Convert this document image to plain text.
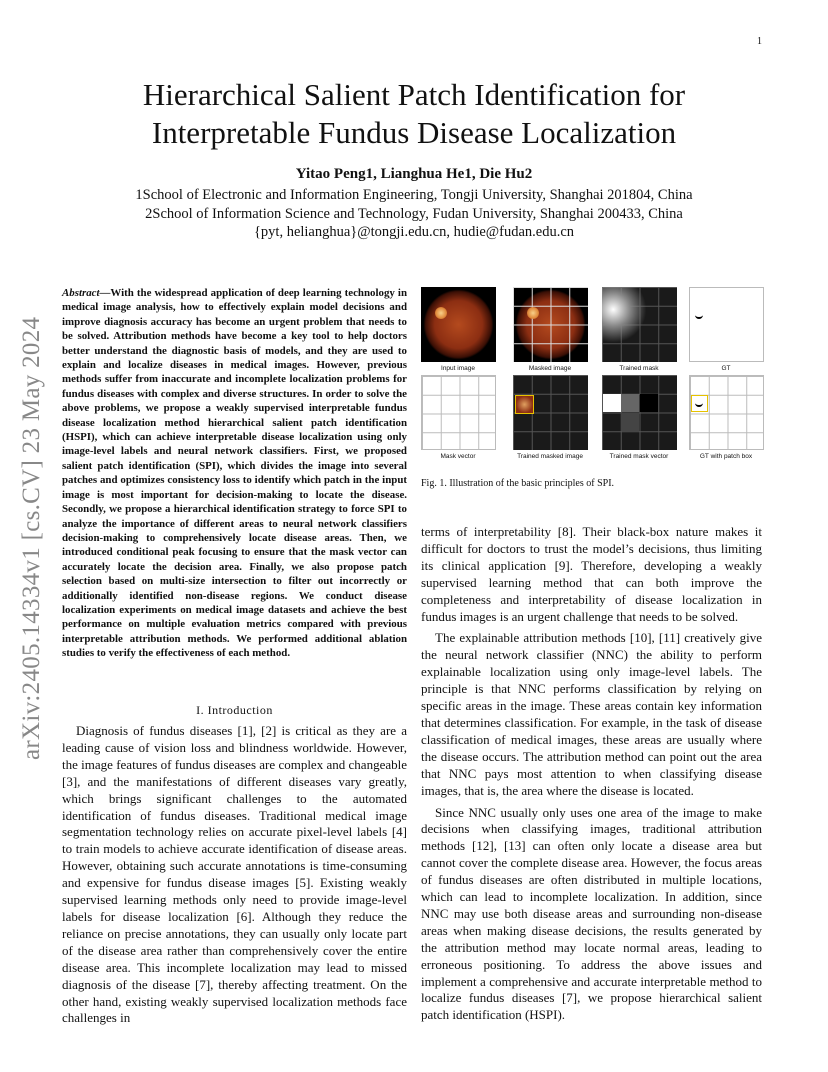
1
Hierarchical Salient Patch Identification for Interpretable Fundus Disease Localization
Yitao Peng1, Lianghua He1, Die Hu2
1School of Electronic and Information Engineering, Tongji University, Shanghai 201804, China
2School of Information Science and Technology, Fudan University, Shanghai 200433, China
{pyt, helianghua}@tongji.edu.cn, hudie@fudan.edu.cn
arXiv:2405.14334v1 [cs.CV] 23 May 2024
Abstract—With the widespread application of deep learning technology in medical image analysis, how to effectively explain model decisions and improve diagnosis accuracy has become an urgent problem that needs to be solved. Attribution methods have become a key tool to help doctors better understand the diagnostic basis of models, and they are used to explain and localize diseases in medical images. However, previous methods suffer from inaccurate and incomplete localization problems for fundus diseases with complex and diverse structures. In order to solve the above problems, we propose a weakly supervised interpretable fundus disease localization method hierarchical salient patch identification (HSPI), which can achieve interpretable disease localization using only image-level labels and neural network classifiers. First, we proposed salient patch identification (SPI), which divides the image into several patches and optimizes consistency loss to identify which patch in the input image is most important for decision-making to locate the disease. Secondly, we propose a hierarchical identification strategy to force SPI to analyze the importance of different areas to neural network classifiers decision-making to comprehensively locate disease areas. Then, we introduced conditional peak focusing to ensure that the mask vector can accurately locate the decision area. Finally, we also propose patch selection based on multi-size intersection to filter out incorrectly or additionally identified non-disease regions. We conduct disease localization experiments on medical image datasets and achieve the best performance on multiple evaluation metrics compared with previous interpretable attribution methods. We performed additional ablation studies to verify the effectiveness of each method.
I. Introduction

Diagnosis of fundus diseases [1], [2] is critical as they are a leading cause of vision loss and blindness worldwide. However, the image features of fundus diseases are complex and changeable [3], and the manifestations of different diseases vary greatly, which brings significant challenges to the automated identification of fundus diseases. Traditional medical image segmentation technology relies on accurate pixel-level labels [4] to train models to achieve accurate identification of disease areas. However, obtaining such accurate annotations is time-consuming and expensive for fundus disease images [5]. Existing weakly supervised learning methods only need to provide image-level labels for disease localization [6]. Although they reduce the reliance on precise annotations, they can usually only locate part of the disease area rather than comprehensively cover the entire disease area. This incomplete localization may lead to missed diagnosis of the disease [7], thereby affecting treatment. On the other hand, existing weakly supervised localization methods face challenges in

Input image	Masked image	Trained mask	GT
Mask vector	Trained masked image	Trained mask vector	GT with patch box
Fig. 1. Illustration of the basic principles of SPI.

terms of interpretability [8]. Their black-box nature makes it difficult for doctors to trust the model’s decisions, thus limiting its clinical application [9]. Therefore, developing a weakly supervised learning method that can both improve the completeness and interpretability of disease localization in fundus images is an urgent challenge that needs to be solved.

The explainable attribution methods [10], [11] creatively give the neural network classifier (NNC) the ability to perform explainable localization using only image-level labels. The principle is that NNC performs classification by relying on specific areas in the image. These areas contain key information that determines classification. For example, in the task of disease classification of medical images, these areas are usually where the disease occurs. The attribution method can point out the area that NNC pays most attention to when classifying disease images, that is, the area where the disease is located.

Since NNC usually only uses one area of the image to make decisions when classifying images, traditional attribution methods [12], [13] can often only locate a disease area but cannot cover the complete disease area. However, the focus areas of fundus diseases are often distributed in multiple locations, which can lead to incomplete localization. In addition, since NNC may use both disease areas and surrounding non-disease areas when making disease decisions, the results generated by the attribution method may locate normal areas, leading to erroneous positioning. To address the above issues and implement a comprehensive and accurate interpretable method to localize fundus diseases [7], we propose hierarchical salient patch identification (HSPI).
